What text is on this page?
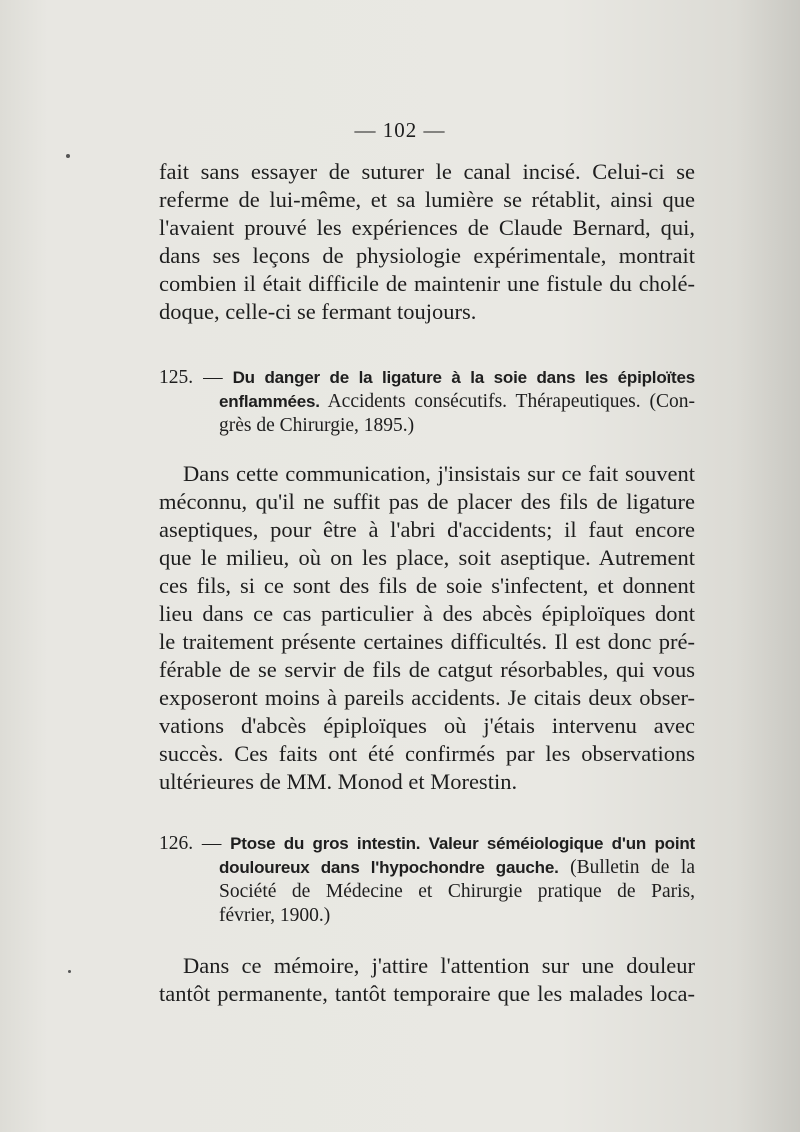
— 102 —
fait sans essayer de suturer le canal incisé. Celui-ci se
referme de lui-même, et sa lumière se rétablit, ainsi que
l'avaient prouvé les expériences de Claude Bernard, qui,
dans ses leçons de physiologie expérimentale, montrait
combien il était difficile de maintenir une fistule du cholé-
doque, celle-ci se fermant toujours.
125. — Du danger de la ligature à la soie dans les épiploïtes
enflammées. Accidents consécutifs. Thérapeutiques. (Con-
grès de Chirurgie, 1895.)
Dans cette communication, j'insistais sur ce fait souvent
méconnu, qu'il ne suffit pas de placer des fils de ligature
aseptiques, pour être à l'abri d'accidents; il faut encore
que le milieu, où on les place, soit aseptique. Autrement
ces fils, si ce sont des fils de soie s'infectent, et donnent
lieu dans ce cas particulier à des abcès épiploïques dont
le traitement présente certaines difficultés. Il est donc pré-
férable de se servir de fils de catgut résorbables, qui vous
exposeront moins à pareils accidents. Je citais deux obser-
vations d'abcès épiploïques où j'étais intervenu avec
succès. Ces faits ont été confirmés par les observations
ultérieures de MM. Monod et Morestin.
126. — Ptose du gros intestin. Valeur séméiologique d'un point
douloureux dans l'hypochondre gauche. (Bulletin de la
Société de Médecine et Chirurgie pratique de Paris,
février, 1900.)
Dans ce mémoire, j'attire l'attention sur une douleur
tantôt permanente, tantôt temporaire que les malades loca-
